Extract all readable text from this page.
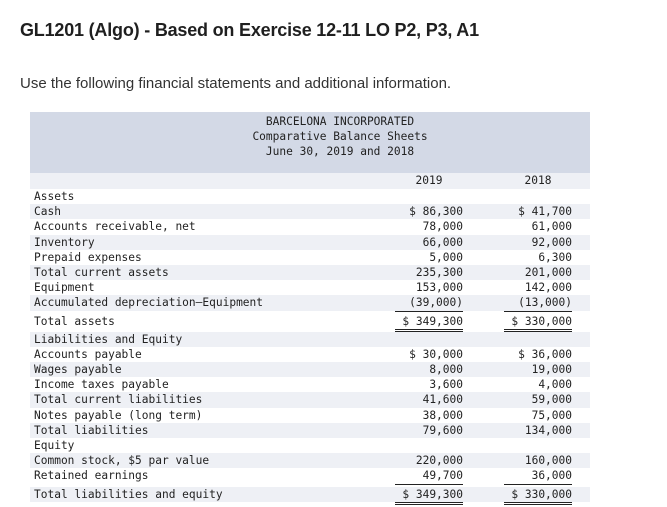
GL1201 (Algo) - Based on Exercise 12-11 LO P2, P3, A1

Use the following financial statements and additional information.

BARCELONA INCORPORATED
Comparative Balance Sheets
June 30, 2019 and 2018
2019	2018
Assets
Cash	$ 86,300	$ 41,700
Accounts receivable, net	78,000	61,000
Inventory	66,000	92,000
Prepaid expenses	5,000	6,300
Total current assets	235,300	201,000
Equipment	153,000	142,000
Accumulated depreciation—Equipment	(39,000)	(13,000)
Total assets	$ 349,300	$ 330,000
Liabilities and Equity
Accounts payable	$ 30,000	$ 36,000
Wages payable	8,000	19,000
Income taxes payable	3,600	4,000
Total current liabilities	41,600	59,000
Notes payable (long term)	38,000	75,000
Total liabilities	79,600	134,000
Equity
Common stock, $5 par value	220,000	160,000
Retained earnings	49,700	36,000
Total liabilities and equity	$ 349,300	$ 330,000
